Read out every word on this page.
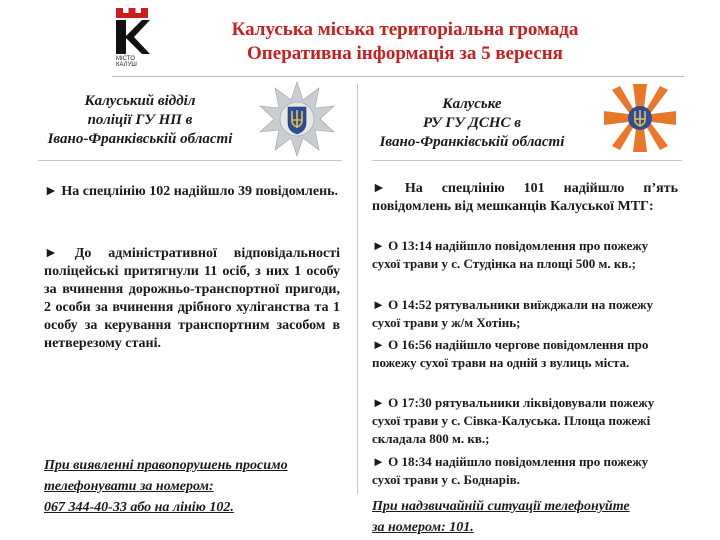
МІСТО
КАЛУШ
Калуська міська територіальна громада
Оперативна інформація за 5 вересня
Калуський відділ
поліції ГУ НП в
Івано-Франківській області
► На спецлінію 102 надійшло 39 повідомлень.
► До адміністративної відповідальності поліцейські притягнули 11 осіб, з них 1 особу за вчинення дорожньо-транспортної пригоди, 2 особи за вчинення дрібного хуліганства та 1 особу за керування транспортним засобом в нетверезому стані.
При виявленні правопорушень просимо
телефонувати за номером:
067 344-40-33 або на лінію 102.
Калуське
РУ ГУ ДСНС в
Івано-Франківській області
► На спецлінію 101 надійшло п’ять повідомлень від мешканців Калуської МТГ:
► О 13:14 надійшло повідомлення про пожежу сухої трави у с. Студінка на площі 500 м. кв.;
► О 14:52 рятувальники виїжджали на пожежу сухої трави у ж/м Хотінь;
► О 16:56 надійшло чергове повідомлення про пожежу сухої трави на одній з вулиць міста.
► О 17:30 рятувальники ліквідовували пожежу сухої трави у с. Сівка-Калуська. Площа пожежі складала 800 м. кв.;
► О 18:34 надійшло повідомлення про пожежу сухої трави у с. Боднарів.
При надзвичайній ситуації телефонуйте
за номером: 101.
